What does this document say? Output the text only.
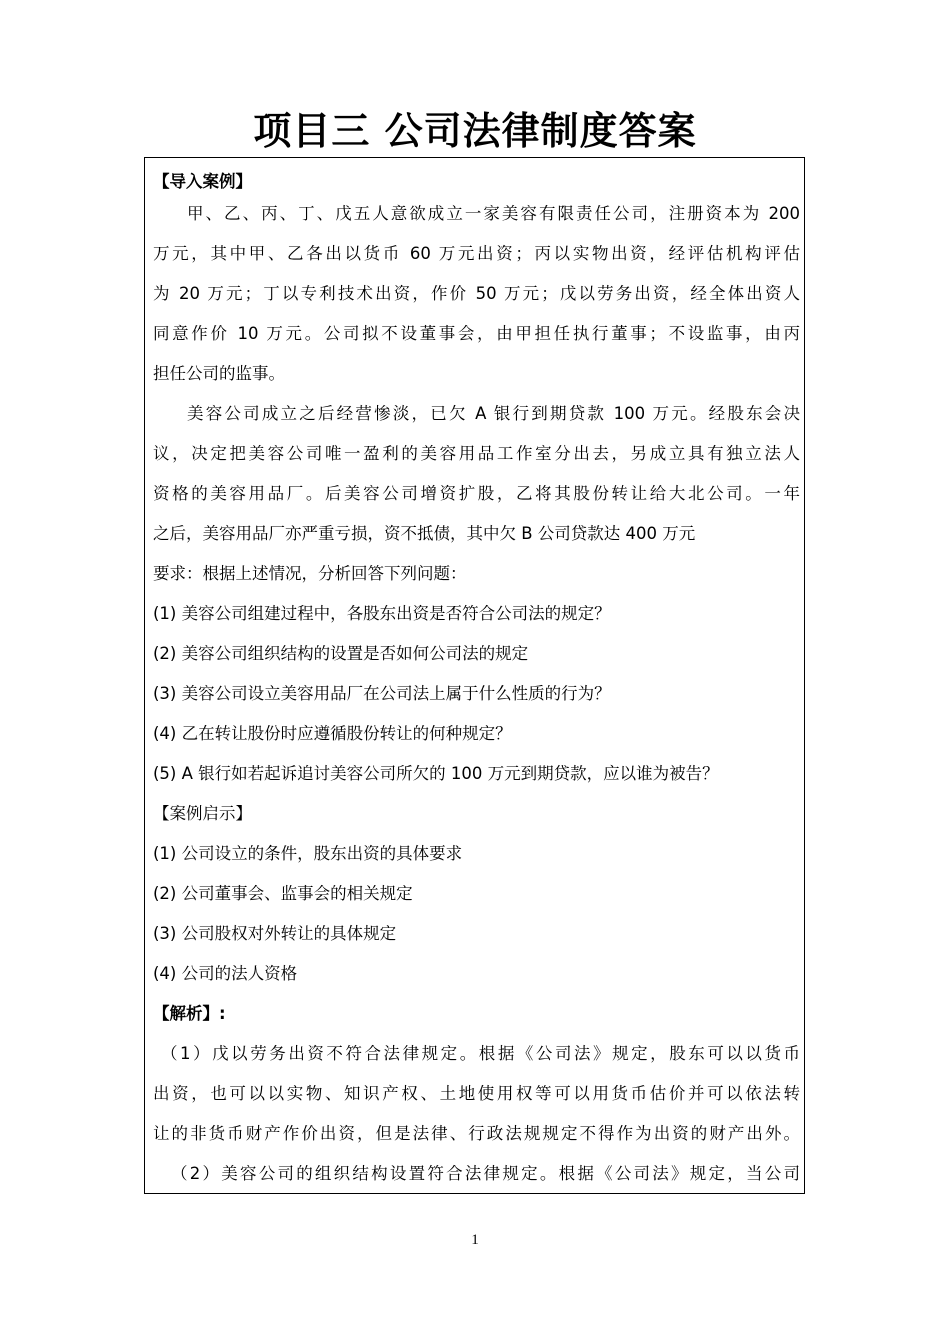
项目三 公司法律制度答案
【导入案例】
甲、乙、丙、丁、戊五人意欲成立一家美容有限责任公司，注册资本为 200
万元，其中甲、乙各出以货币 60 万元出资；丙以实物出资，经评估机构评估
为 20 万元；丁以专利技术出资，作价 50 万元；戊以劳务出资，经全体出资人
同意作价 10 万元。公司拟不设董事会，由甲担任执行董事；不设监事，由丙
担任公司的监事。
美容公司成立之后经营惨淡，已欠 A 银行到期贷款 100 万元。经股东会决
议，决定把美容公司唯一盈利的美容用品工作室分出去，另成立具有独立法人
资格的美容用品厂。后美容公司增资扩股，乙将其股份转让给大北公司。一年
之后，美容用品厂亦严重亏损，资不抵债，其中欠 B 公司贷款达 400 万元
要求：根据上述情况，分析回答下列问题：
(1) 美容公司组建过程中，各股东出资是否符合公司法的规定？
(2) 美容公司组织结构的设置是否如何公司法的规定
(3) 美容公司设立美容用品厂在公司法上属于什么性质的行为？
(4) 乙在转让股份时应遵循股份转让的何种规定？
(5) A 银行如若起诉追讨美容公司所欠的 100 万元到期贷款，应以谁为被告？
【案例启示】
(1) 公司设立的条件，股东出资的具体要求
(2) 公司董事会、监事会的相关规定
(3) 公司股权对外转让的具体规定
(4) 公司的法人资格
【解析】:
（1）戊以劳务出资不符合法律规定。根据《公司法》规定，股东可以以货币
出资，也可以以实物、知识产权、土地使用权等可以用货币估价并可以依法转
让的非货币财产作价出资，但是法律、行政法规规定不得作为出资的财产出外。
（2）美容公司的组织结构设置符合法律规定。根据《公司法》规定，当公司
1
